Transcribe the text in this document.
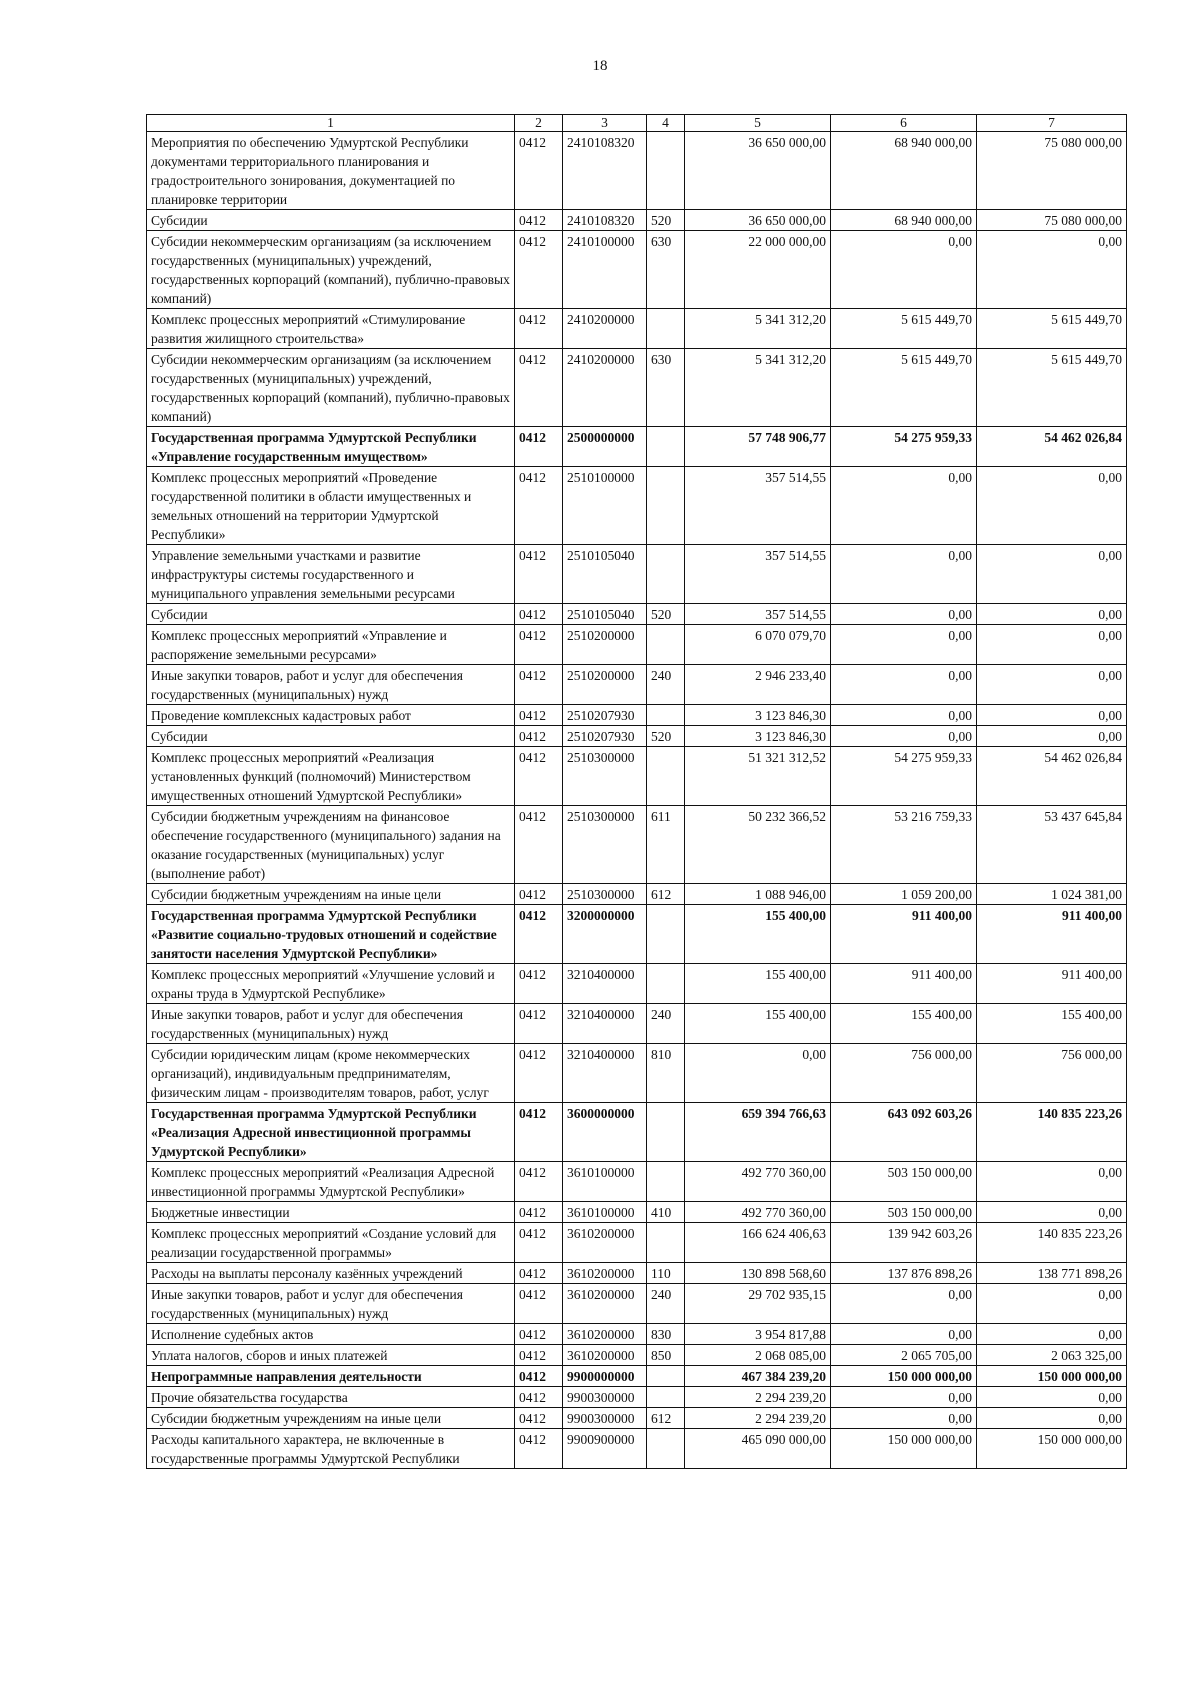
18
1	2	3	4	5	6	7
Мероприятия по обеспечению Удмуртской Республики документами территориального планирования и градостроительного зонирования, документацией по планировке территории	0412	2410108320		36 650 000,00	68 940 000,00	75 080 000,00
Субсидии	0412	2410108320	520	36 650 000,00	68 940 000,00	75 080 000,00
Субсидии некоммерческим организациям (за исключением государственных (муниципальных) учреждений, государственных корпораций (компаний), публично-правовых компаний)	0412	2410100000	630	22 000 000,00	0,00	0,00
Комплекс процессных мероприятий «Стимулирование развития жилищного строительства»	0412	2410200000		5 341 312,20	5 615 449,70	5 615 449,70
Субсидии некоммерческим организациям (за исключением государственных (муниципальных) учреждений, государственных корпораций (компаний), публично-правовых компаний)	0412	2410200000	630	5 341 312,20	5 615 449,70	5 615 449,70
Государственная программа Удмуртской Республики «Управление государственным имуществом»	0412	2500000000		57 748 906,77	54 275 959,33	54 462 026,84
Комплекс процессных мероприятий «Проведение государственной политики в области имущественных и земельных отношений на территории Удмуртской Республики»	0412	2510100000		357 514,55	0,00	0,00
Управление земельными участками и развитие инфраструктуры системы государственного и муниципального управления земельными ресурсами	0412	2510105040		357 514,55	0,00	0,00
Субсидии	0412	2510105040	520	357 514,55	0,00	0,00
Комплекс процессных мероприятий «Управление и распоряжение земельными ресурсами»	0412	2510200000		6 070 079,70	0,00	0,00
Иные закупки товаров, работ и услуг для обеспечения государственных (муниципальных) нужд	0412	2510200000	240	2 946 233,40	0,00	0,00
Проведение комплексных кадастровых работ	0412	2510207930		3 123 846,30	0,00	0,00
Субсидии	0412	2510207930	520	3 123 846,30	0,00	0,00
Комплекс процессных мероприятий «Реализация установленных функций (полномочий) Министерством имущественных отношений Удмуртской Республики»	0412	2510300000		51 321 312,52	54 275 959,33	54 462 026,84
Субсидии бюджетным учреждениям на финансовое обеспечение государственного (муниципального) задания на оказание государственных (муниципальных) услуг (выполнение работ)	0412	2510300000	611	50 232 366,52	53 216 759,33	53 437 645,84
Субсидии бюджетным учреждениям на иные цели	0412	2510300000	612	1 088 946,00	1 059 200,00	1 024 381,00
Государственная программа Удмуртской Республики «Развитие социально-трудовых отношений и содействие занятости населения Удмуртской Республики»	0412	3200000000		155 400,00	911 400,00	911 400,00
Комплекс процессных мероприятий «Улучшение условий и охраны труда в Удмуртской Республике»	0412	3210400000		155 400,00	911 400,00	911 400,00
Иные закупки товаров, работ и услуг для обеспечения государственных (муниципальных) нужд	0412	3210400000	240	155 400,00	155 400,00	155 400,00
Субсидии юридическим лицам (кроме некоммерческих организаций), индивидуальным предпринимателям, физическим лицам - производителям товаров, работ, услуг	0412	3210400000	810	0,00	756 000,00	756 000,00
Государственная программа Удмуртской Республики «Реализация Адресной инвестиционной программы Удмуртской Республики»	0412	3600000000		659 394 766,63	643 092 603,26	140 835 223,26
Комплекс процессных мероприятий «Реализация Адресной инвестиционной программы Удмуртской Республики»	0412	3610100000		492 770 360,00	503 150 000,00	0,00
Бюджетные инвестиции	0412	3610100000	410	492 770 360,00	503 150 000,00	0,00
Комплекс процессных мероприятий «Создание условий для реализации государственной программы»	0412	3610200000		166 624 406,63	139 942 603,26	140 835 223,26
Расходы на выплаты персоналу казённых учреждений	0412	3610200000	110	130 898 568,60	137 876 898,26	138 771 898,26
Иные закупки товаров, работ и услуг для обеспечения государственных (муниципальных) нужд	0412	3610200000	240	29 702 935,15	0,00	0,00
Исполнение судебных актов	0412	3610200000	830	3 954 817,88	0,00	0,00
Уплата налогов, сборов и иных платежей	0412	3610200000	850	2 068 085,00	2 065 705,00	2 063 325,00
Непрограммные направления деятельности	0412	9900000000		467 384 239,20	150 000 000,00	150 000 000,00
Прочие обязательства государства	0412	9900300000		2 294 239,20	0,00	0,00
Субсидии бюджетным учреждениям на иные цели	0412	9900300000	612	2 294 239,20	0,00	0,00
Расходы капитального характера, не включенные в государственные программы Удмуртской Республики	0412	9900900000		465 090 000,00	150 000 000,00	150 000 000,00
